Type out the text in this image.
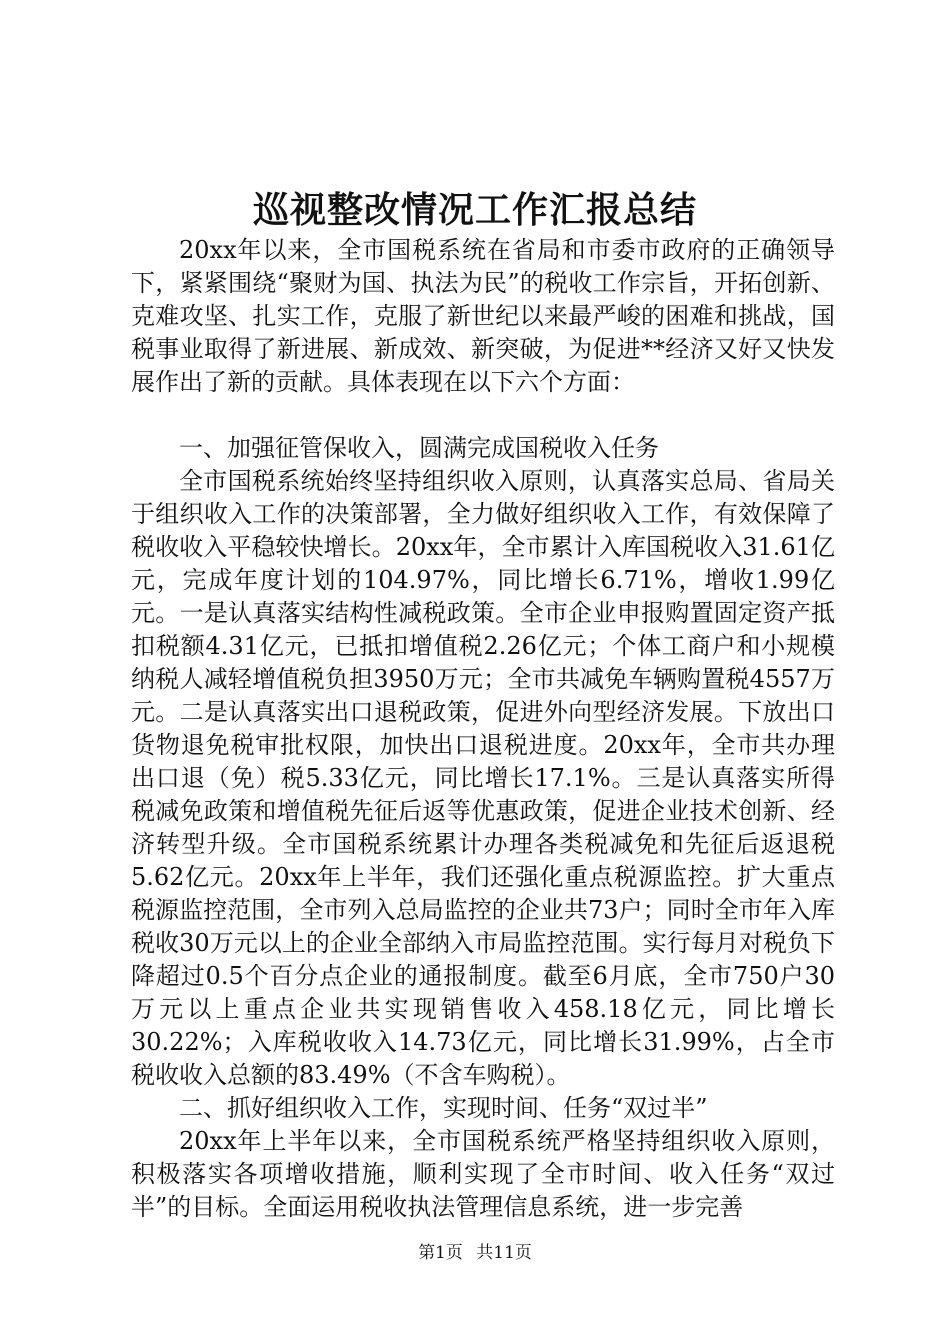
巡视整改情况工作汇报总结

20xx年以来，全市国税系统在省局和市委市政府的正确领导下，紧紧围绕“聚财为国、执法为民”的税收工作宗旨，开拓创新、克难攻坚、扎实工作，克服了新世纪以来最严峻的困难和挑战，国税事业取得了新进展、新成效、新突破，为促进**经济又好又快发展作出了新的贡献。具体表现在以下六个方面：

一、加强征管保收入，圆满完成国税收入任务

全市国税系统始终坚持组织收入原则，认真落实总局、省局关于组织收入工作的决策部署，全力做好组织收入工作，有效保障了税收收入平稳较快增长。20xx年，全市累计入库国税收入31.61亿元，完成年度计划的104.97%，同比增长6.71%，增收1.99亿元。一是认真落实结构性减税政策。全市企业申报购置固定资产抵扣税额4.31亿元，已抵扣增值税2.26亿元；个体工商户和小规模纳税人减轻增值税负担3950万元；全市共减免车辆购置税4557万元。二是认真落实出口退税政策，促进外向型经济发展。下放出口货物退免税审批权限，加快出口退税进度。20xx年，全市共办理出口退（免）税5.33亿元，同比增长17.1%。三是认真落实所得税减免政策和增值税先征后返等优惠政策，促进企业技术创新、经济转型升级。全市国税系统累计办理各类税减免和先征后返退税5.62亿元。20xx年上半年，我们还强化重点税源监控。扩大重点税源监控范围，全市列入总局监控的企业共73户；同时全市年入库税收30万元以上的企业全部纳入市局监控范围。实行每月对税负下降超过0.5个百分点企业的通报制度。截至6月底，全市750户30万元以上重点企业共实现销售收入458.18亿元，同比增长30.22%；入库税收收入14.73亿元，同比增长31.99%，占全市税收收入总额的83.49%（不含车购税）。

二、抓好组织收入工作，实现时间、任务“双过半”

20xx年上半年以来，全市国税系统严格坚持组织收入原则，积极落实各项增收措施，顺利实现了全市时间、收入任务“双过半”的目标。全面运用税收执法管理信息系统，进一步完善

第1页 共11页
